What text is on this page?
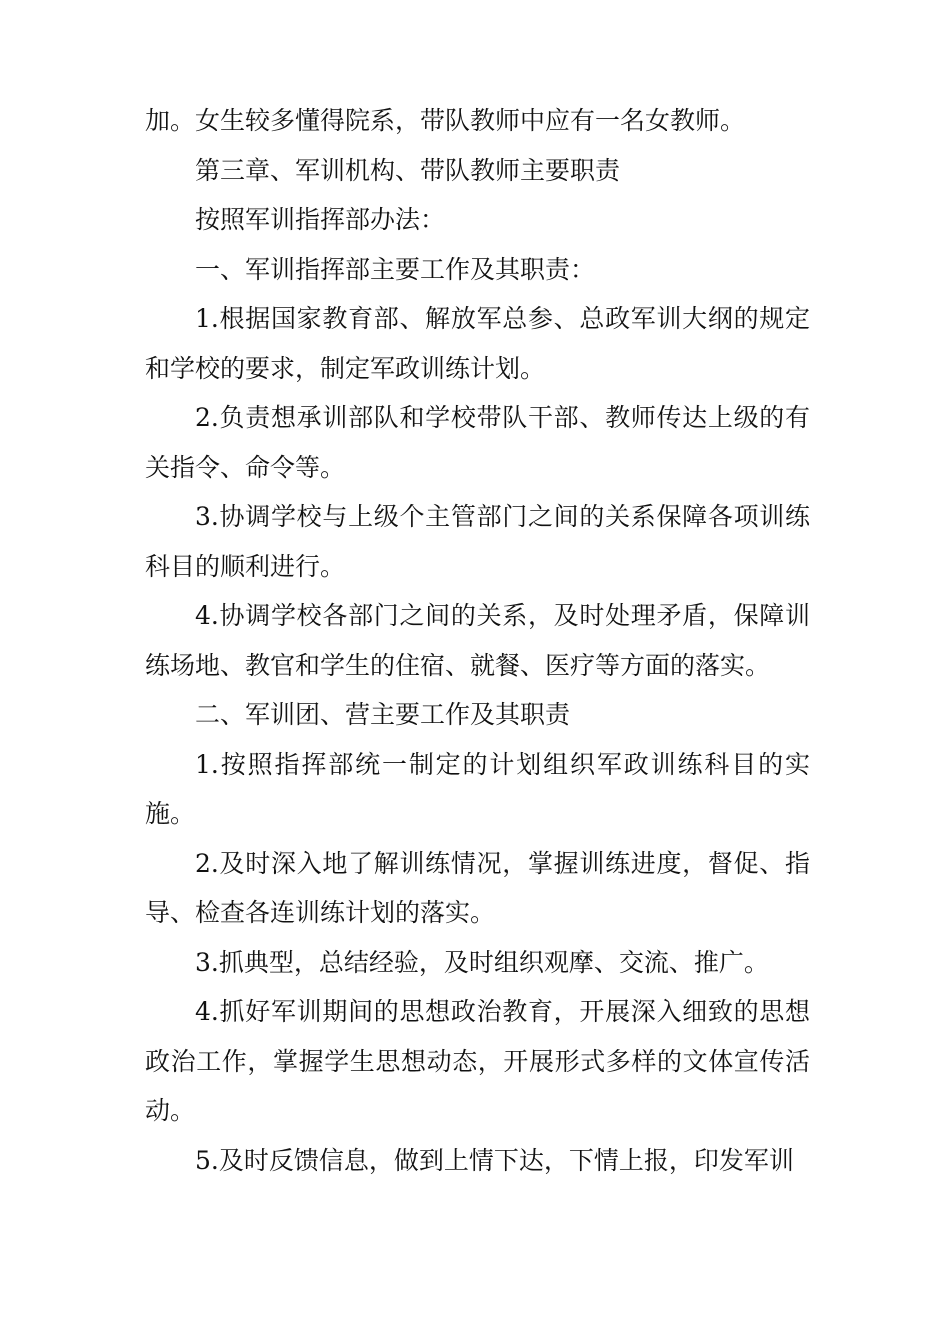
加。女生较多懂得院系，带队教师中应有一名女教师。

第三章、军训机构、带队教师主要职责

按照军训指挥部办法：

一、军训指挥部主要工作及其职责：

1.根据国家教育部、解放军总参、总政军训大纲的规定和学校的要求，制定军政训练计划。

2.负责想承训部队和学校带队干部、教师传达上级的有关指令、命令等。

3.协调学校与上级个主管部门之间的关系保障各项训练科目的顺利进行。

4.协调学校各部门之间的关系，及时处理矛盾，保障训练场地、教官和学生的住宿、就餐、医疗等方面的落实。

二、军训团、营主要工作及其职责

1.按照指挥部统一制定的计划组织军政训练科目的实施。

2.及时深入地了解训练情况，掌握训练进度，督促、指导、检查各连训练计划的落实。

3.抓典型，总结经验，及时组织观摩、交流、推广。

4.抓好军训期间的思想政治教育，开展深入细致的思想政治工作，掌握学生思想动态，开展形式多样的文体宣传活动。

5.及时反馈信息，做到上情下达，下情上报，印发军训
